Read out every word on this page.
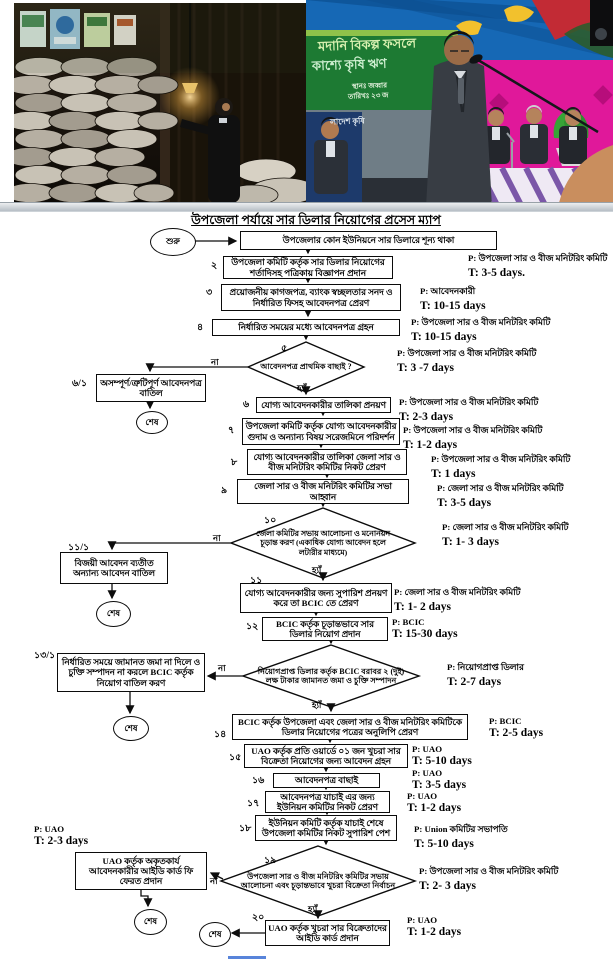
মদানি বিকল্প ফসলে
কাশ্যে কৃষি ঋণ
স্থানঃ জব্বার
তারিখঃ ২৩ জ
লাদেশ কৃষি
উপজেলা পর্যায়ে সার ডিলার নিয়োগের প্রসেস ম্যাপ
শুরু	উপজেলার কোন ইউনিয়নে সার ডিলারে শূন্য থাকা
২	উপজেলা কমিটি কর্তৃক সার ডিলার নিয়োগের শর্তাদিসহ পত্রিকায় বিজ্ঞাপন প্রদান
৩	প্রয়োজনীয় কাগজপত্র, ব্যাংক স্বচ্ছলতার সনদ ও নির্ধারিত ফিসহ আবেদনপত্র প্রেরণ
৪	নির্ধারিত সময়ের মধ্যে আবেদনপত্র গ্রহন
৫
আবেদনপত্র প্রাথমিক বাছাই ?
না
হ্যাঁ
৬/১	অসম্পূর্ণ/ত্রুটিপূর্ণ আবেদনপত্র বাতিল
শেষ
৬	যোগ্য আবেদনকারীর তালিকা প্রনয়ণ
৭	উপজেলা কমিটি কর্তৃক যোগ্য আবেদনকারীর গুদাম ও অন্যান্য বিষয় সরেজমিনে পরিদর্শন
৮
যোগ্য আবেদনকারীর তালিকা জেলা সার ও বীজ মনিটরিং কমিটির নিকট প্রেরণ
৯	জেলা সার ও বীজ মনিটরিং কমিটির সভা আহ্বান
১০
জেলা কমিটির সভায় আলোচনা ও মনোনয়ন চূড়ান্ত করণ (একাধিক যোগ্য আবেদন হলে লটারীর মাধ্যমে)
না
হ্যাঁ
১১/১
বিজয়ী আবেদন ব্যতীত অন্যান্য আবেদন বাতিল
শেষ
১১
যোগ্য আবেদনকারীর জন্য সুপারিশ প্রনয়ণ করে তা BCIC তে প্রেরণ
১২	BCIC কর্তৃক চূড়ান্তভাবে সার ডিলার নিয়োগ প্রদান
নিয়োগপ্রাপ্ত ডিলার কর্তৃক BCIC বরাবর ২ (দুই) লক্ষ টাকার জামানত জমা ও চুক্তি সম্পাদন
না
হ্যাঁ
১৩/১
নির্ধারিত সময়ে জামানত জমা না দিলে ও চুক্তি সম্পাদন না করলে BCIC কর্তৃক নিয়োগ বাতিল করণ
শেষ
১৪
BCIC কর্তৃক উপজেলা এবং জেলা সার ও বীজ মনিটরিং কমিটিকে ডিলার নিয়োগের পত্রের অনুলিপি প্রেরণ
১৫
UAO কর্তৃক প্রতি ওয়ার্ডে ০১ জন খুচরা সার বিক্রেতা নিয়োগের জন্য আবেদন গ্রহন
১৬	আবেদনপত্র বাছাই
১৭
আবেদনপত্র যাচাই এর জন্য ইউনিয়ন কমিটির নিকট প্রেরণ
১৮
ইউনিয়ন কমিটি কর্তৃক যাচাই শেষে উপজেলা কমিটির নিকট সুপারিশ পেশ
১৯
উপজেলা সার ও বীজ মনিটরিং কমিটির সভায় আলোচনা এবং চূড়ান্তভাবে খুচরা বিক্রেতা নির্বাচন
না
হ্যাঁ
UAO কর্তৃক অকৃতকার্য আবেদনকারীর আইডি কার্ড ফি ফেরত প্রদান
শেষ	২০
UAO কর্তৃক খুচরা সার বিক্রেতাদের আইডি কার্ড প্রদান
শেষ
P: উপজেলা সার ও বীজ মনিটরিং কমিটি
T: 3-5 days.
P: আবেদনকারী
T: 10-15 days
P: উপজেলা সার ও বীজ মনিটরিং কমিটি
T: 10-15 days
P: উপজেলা সার ও বীজ মনিটরিং কমিটি
T: 3 -7 days
P: উপজেলা সার ও বীজ মনিটরিং কমিটি
T: 2-3 days
P: উপজেলা সার ও বীজ মনিটরিং কমিটি
T: 1-2 days
P: উপজেলা সার ও বীজ মনিটরিং কমিটি
T: 1 days
P: জেলা সার ও বীজ মনিটরিং কমিটি
T: 3-5 days
P: জেলা সার ও বীজ মনিটরিং কমিটি
T: 1- 3 days
P: জেলা সার ও বীজ মনিটরিং কমিটি
T: 1- 2 days
P: BCIC
T: 15-30 days
P: নিয়োগপ্রাপ্ত ডিলার
T: 2-7 days
P: BCIC
T: 2-5 days
P: UAO
T: 5-10 days
P: UAO
T: 3-5 days
P: UAO
T: 1-2 days
P: Union কমিটির সভাপতি
T: 5-10 days
P: উপজেলা সার ও বীজ মনিটরিং কমিটি
T: 2- 3 days
P: UAO
T: 1-2 days
P: UAO
T: 2-3 days
